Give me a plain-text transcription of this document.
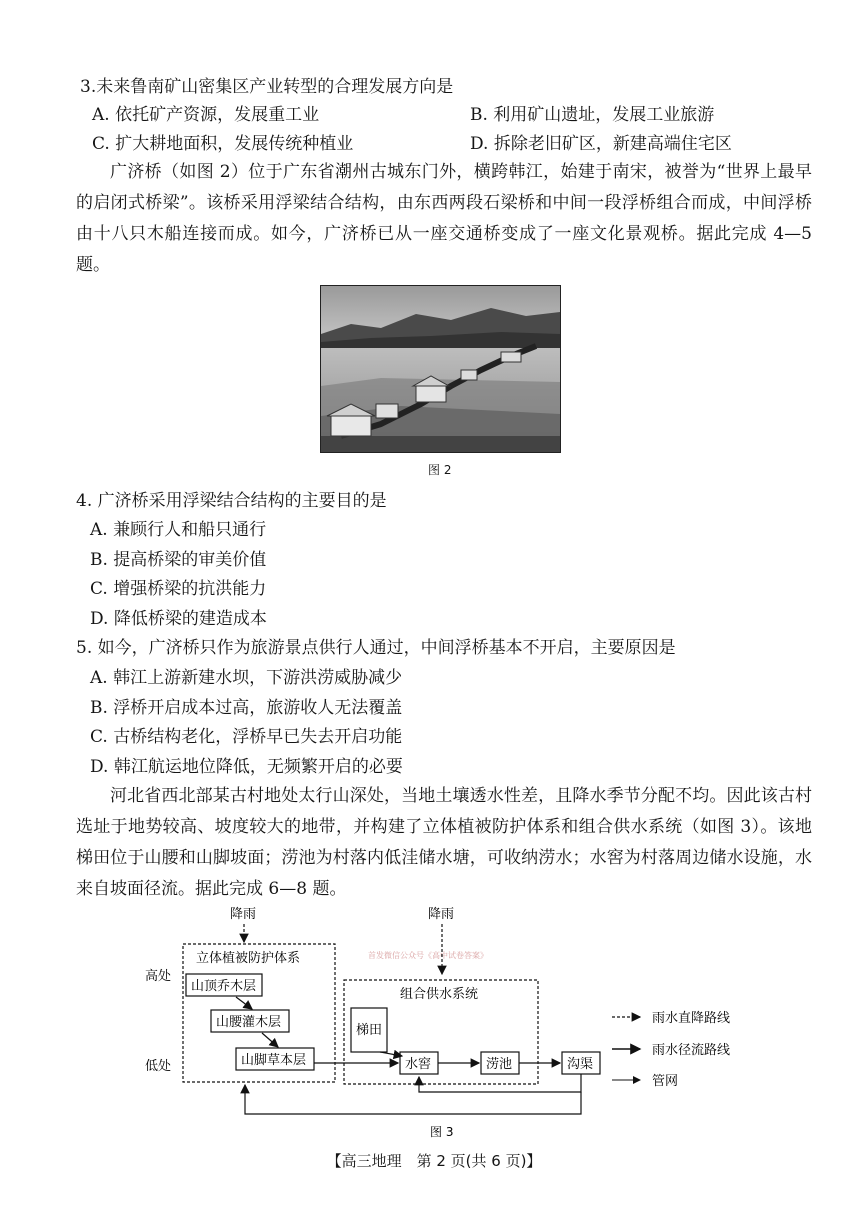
3.未来鲁南矿山密集区产业转型的合理发展方向是
A. 依托矿产资源，发展重工业	B. 利用矿山遗址，发展工业旅游
C. 扩大耕地面积，发展传统种植业	D. 拆除老旧矿区，新建高端住宅区
广济桥（如图 2）位于广东省潮州古城东门外，横跨韩江，始建于南宋，被誉为“世界上最早的启闭式桥梁”。该桥采用浮梁结合结构，由东西两段石梁桥和中间一段浮桥组合而成，中间浮桥由十八只木船连接而成。如今，广济桥已从一座交通桥变成了一座文化景观桥。据此完成 4—5 题。
图 2
4. 广济桥采用浮梁结合结构的主要目的是
A. 兼顾行人和船只通行
B. 提高桥梁的审美价值
C. 增强桥梁的抗洪能力
D. 降低桥梁的建造成本
5. 如今，广济桥只作为旅游景点供行人通过，中间浮桥基本不开启，主要原因是
A. 韩江上游新建水坝，下游洪涝威胁减少
B. 浮桥开启成本过高，旅游收人无法覆盖
C. 古桥结构老化，浮桥早已失去开启功能
D. 韩江航运地位降低，无频繁开启的必要
河北省西北部某古村地处太行山深处，当地土壤透水性差，且降水季节分配不均。因此该古村选址于地势较高、坡度较大的地带，并构建了立体植被防护体系和组合供水系统（如图 3）。该地梯田位于山腰和山脚坡面；涝池为村落内低洼储水塘，可收纳涝水；水窖为村落周边储水设施，水来自坡面径流。据此完成 6—8 题。
降雨	降雨
首发微信公众号《高中试卷答案》
高处
低处
立体植被防护体系
山顶乔木层
山腰灌木层
山脚草本层
组合供水系统
梯田
水窖	涝池	沟渠
雨水直降路线
雨水径流路线
管网
图 3
【高三地理　第 2 页(共 6 页)】
